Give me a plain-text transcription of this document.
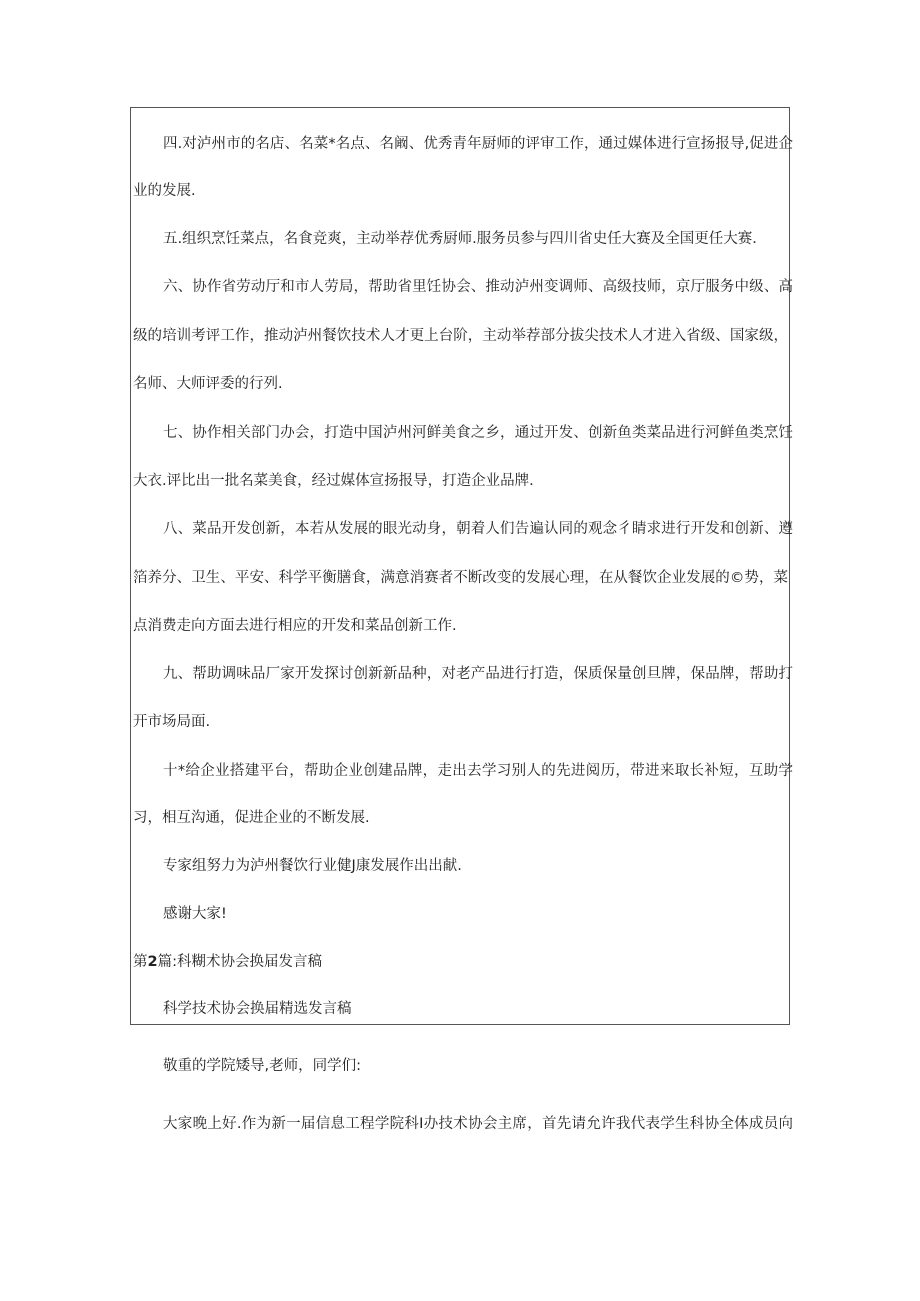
四.对泸州市的名店、名菜*名点、名阚、优秀青年厨师的评审工作，通过媒体进行宣扬报导,促进企
业的发展.
五.组织烹饪菜点，名食竞爽，主动举荐优秀厨师.服务员参与四川省史任大赛及全国更任大赛.
六、协作省劳动厅和市人劳局，帮助省里饪协会、推动泸州变调师、高级技师，京厅服务中级、高
级的培训考评工作，推动泸州餐饮技术人才更上台阶，主动举荐部分拔尖技术人才进入省级、国家级，
名师、大师评委的行列.
七、协作相关部门办会，打造中国泸州河鲜美食之乡，通过开发、创新鱼类菜品进行河鲜鱼类烹饪
大衣.评比出一批名菜美食，经过媒体宣扬报导，打造企业品牌.
八、菜品开发创新，本若从发展的眼光动身，朝着人们告遍认同的观念彳睛求进行开发和创新、遵
箔养分、卫生、平安、科学平衡膳食，满意消赛者不断改变的发展心理，在从餐饮企业发展的©势，菜
点消费走向方面去进行相应的开发和菜品创新工作.
九、帮助调味品厂家开发探讨创新新品种，对老产品进行打造，保质保量创旦牌，保品牌，帮助打
开市场局面.
十*给企业搭建平台，帮助企业创建品牌，走出去学习别人的先进阅历，带进来取长补短，互助学
习，相互沟通，促进企业的不断发展.
专家组努力为泸州餐饮行业健J康发展作出出献.
感谢大家!
第2篇:科糊术协会换届发言稿
科学技术协会换届精选发言稿
敬重的学院矮导,老师，同学们:
大家晚上好.作为新一届信息工程学院科I办技术协会主席，首先请允许我代表学生科协全体成员向
